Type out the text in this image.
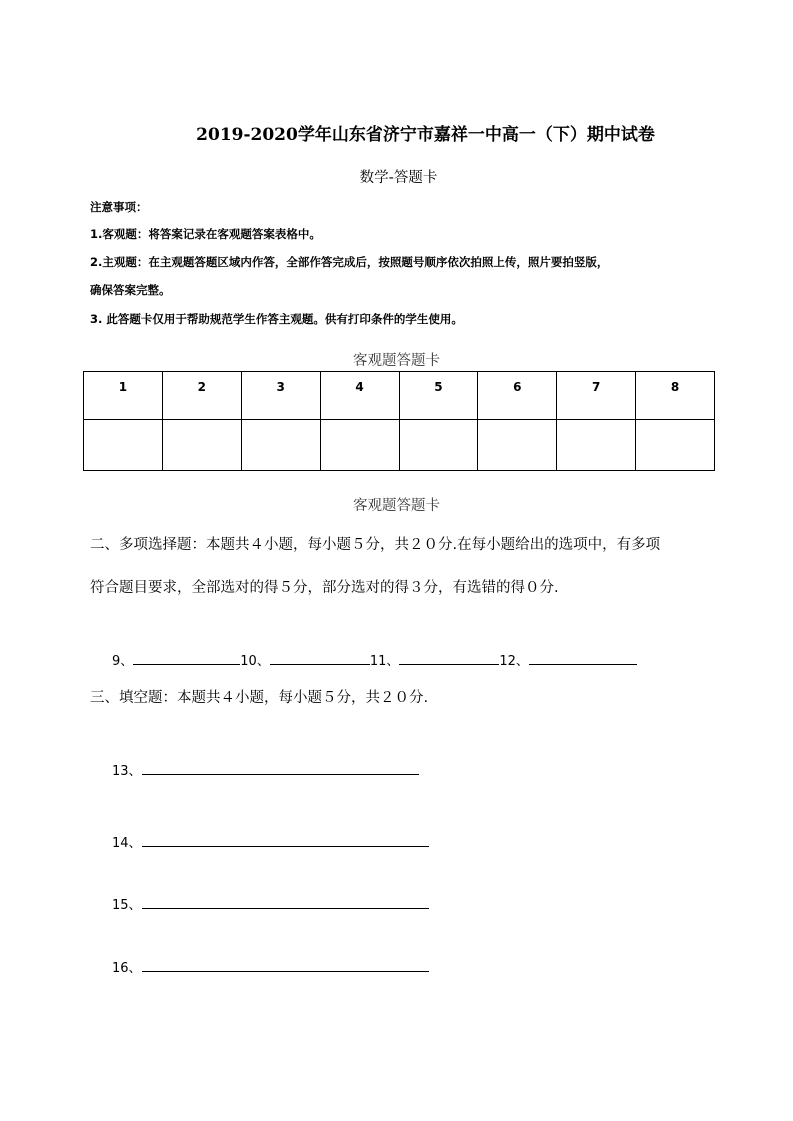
2019-2020学年山东省济宁市嘉祥一中高一（下）期中试卷
数学-答题卡
注意事项：
1.客观题：将答案记录在客观题答案表格中。
2.主观题：在主观题答题区域内作答，全部作答完成后，按照题号顺序依次拍照上传，照片要拍竖版，
确保答案完整。
3. 此答题卡仅用于帮助规范学生作答主观题。供有打印条件的学生使用。
客观题答题卡
1	2	3	4	5	6	7	8

客观题答题卡
二、多项选择题：本题共４小题，每小题５分，共２０分.在每小题给出的选项中，有多项
符合题目要求，全部选对的得５分，部分选对的得３分，有选错的得０分.
9、	10、	11、	12、
三、填空题：本题共４小题，每小题５分，共２０分.
13、
14、
15、
16、
